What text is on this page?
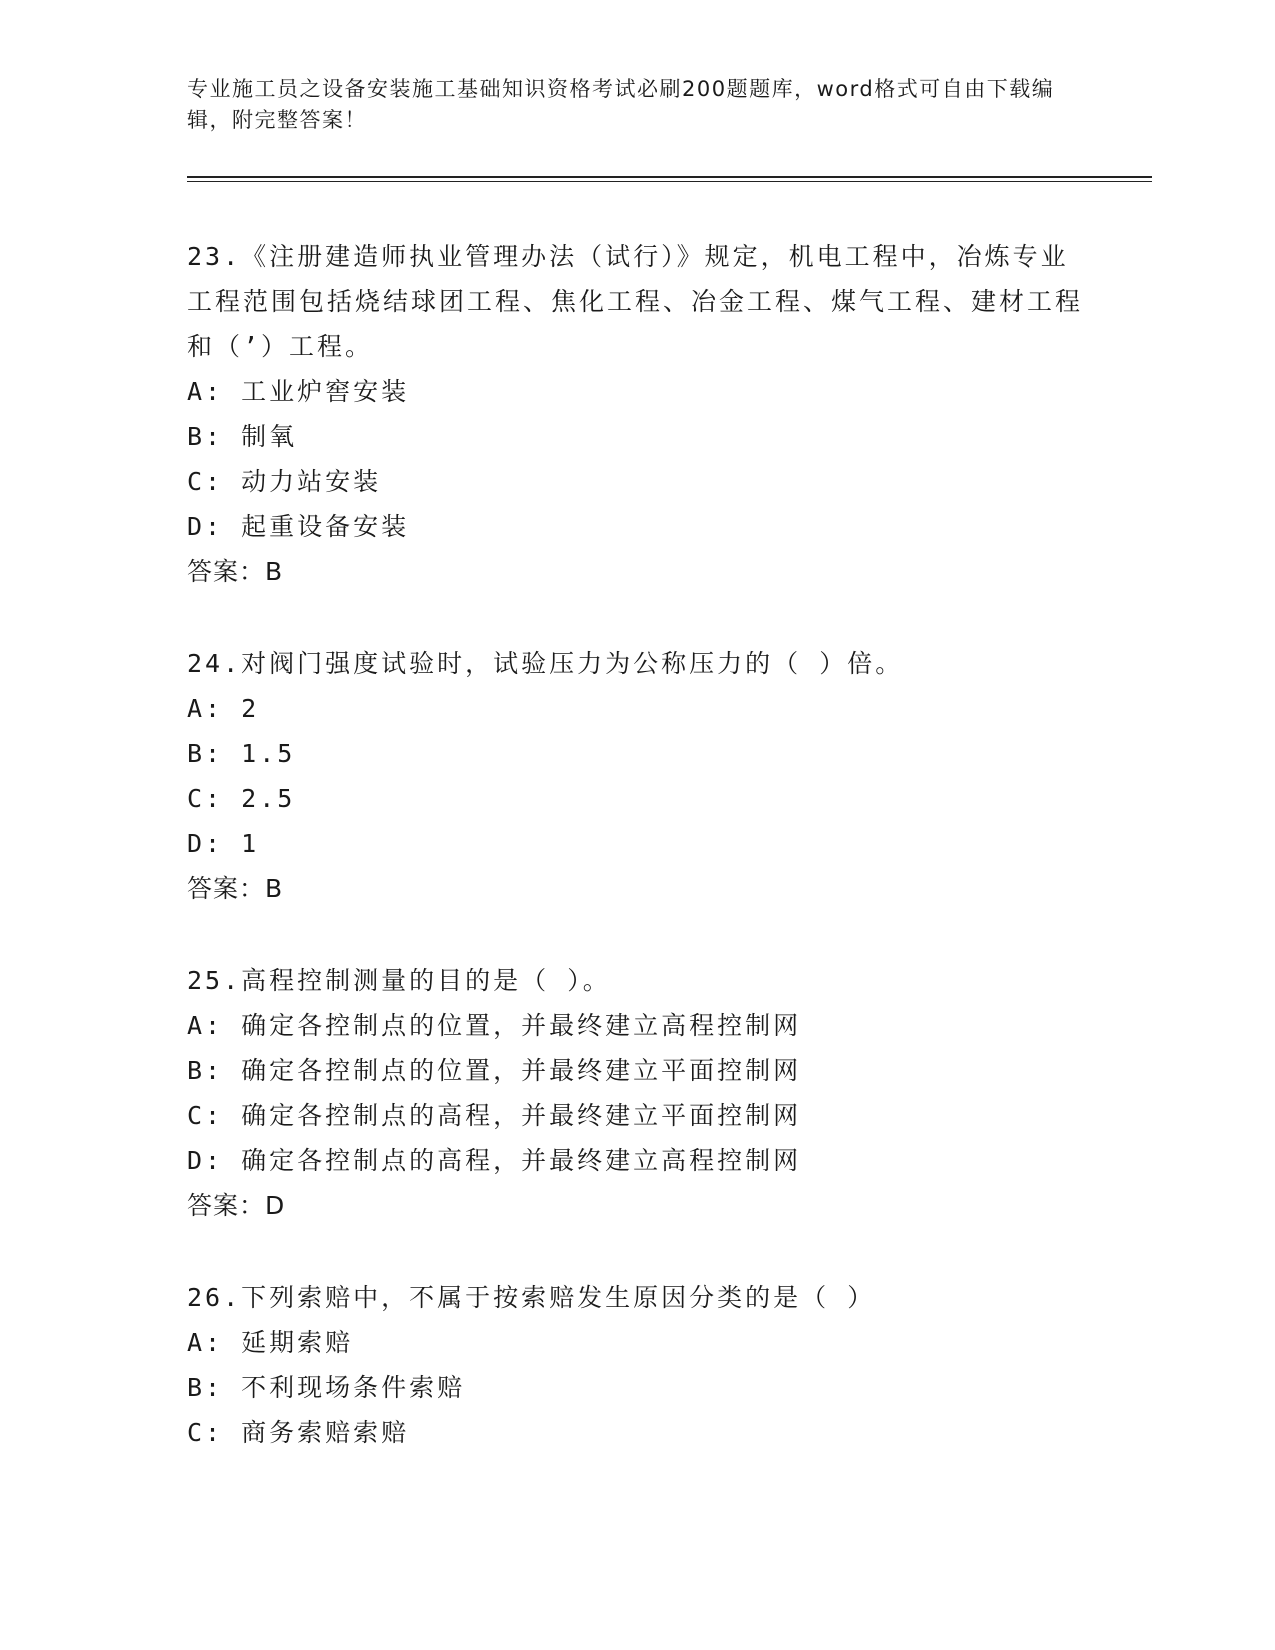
专业施工员之设备安装施工基础知识资格考试必刷200题题库，word格式可自由下载编辑，附完整答案！

23.《注册建造师执业管理办法（试行）》规定，机电工程中，冶炼专业工程范围包括烧结球团工程、焦化工程、冶金工程、煤气工程、建材工程和（’）工程。

A: 工业炉窖安装

B: 制氧

C: 动力站安装

D: 起重设备安装

答案：B

24.对阀门强度试验时，试验压力为公称压力的（ ）倍。

A: 2

B: 1.5

C: 2.5

D: 1

答案：B

25.高程控制测量的目的是（ ）。

A: 确定各控制点的位置，并最终建立高程控制网

B: 确定各控制点的位置，并最终建立平面控制网

C: 确定各控制点的高程，并最终建立平面控制网

D: 确定各控制点的高程，并最终建立高程控制网

答案：D

26.下列索赔中，不属于按索赔发生原因分类的是（ ）

A: 延期索赔

B: 不利现场条件索赔

C: 商务索赔索赔
